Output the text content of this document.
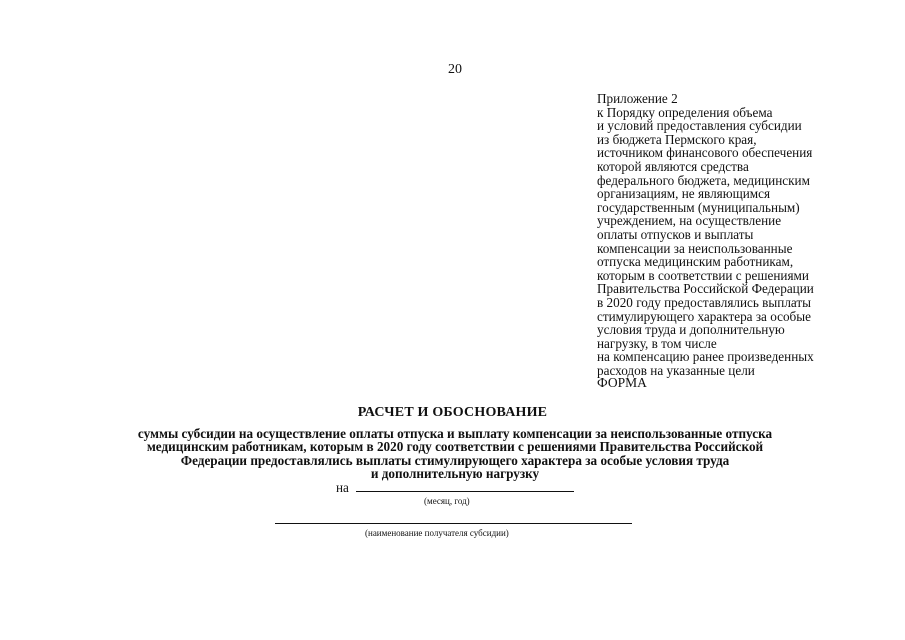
20
Приложение 2
к Порядку определения объема
и условий предоставления субсидии
из бюджета Пермского края,
источником финансового обеспечения
которой являются средства
федерального бюджета, медицинским
организациям, не являющимся
государственным (муниципальным)
учреждением, на осуществление
оплаты отпусков и выплаты
компенсации за неиспользованные
отпуска медицинским работникам,
которым в соответствии с решениями
Правительства Российской Федерации
в 2020 году предоставлялись выплаты
стимулирующего характера за особые
условия труда и дополнительную
нагрузку, в том числе
на компенсацию ранее произведенных
расходов на указанные цели
ФОРМА
РАСЧЕТ И ОБОСНОВАНИЕ
суммы субсидии на осуществление оплаты отпуска и выплату компенсации за неиспользованные отпуска
медицинским работникам, которым в 2020 году соответствии с решениями Правительства Российской
Федерации предоставлялись выплаты стимулирующего характера за особые условия труда
и дополнительную нагрузку
на
(месяц, год)
(наименование получателя субсидии)
